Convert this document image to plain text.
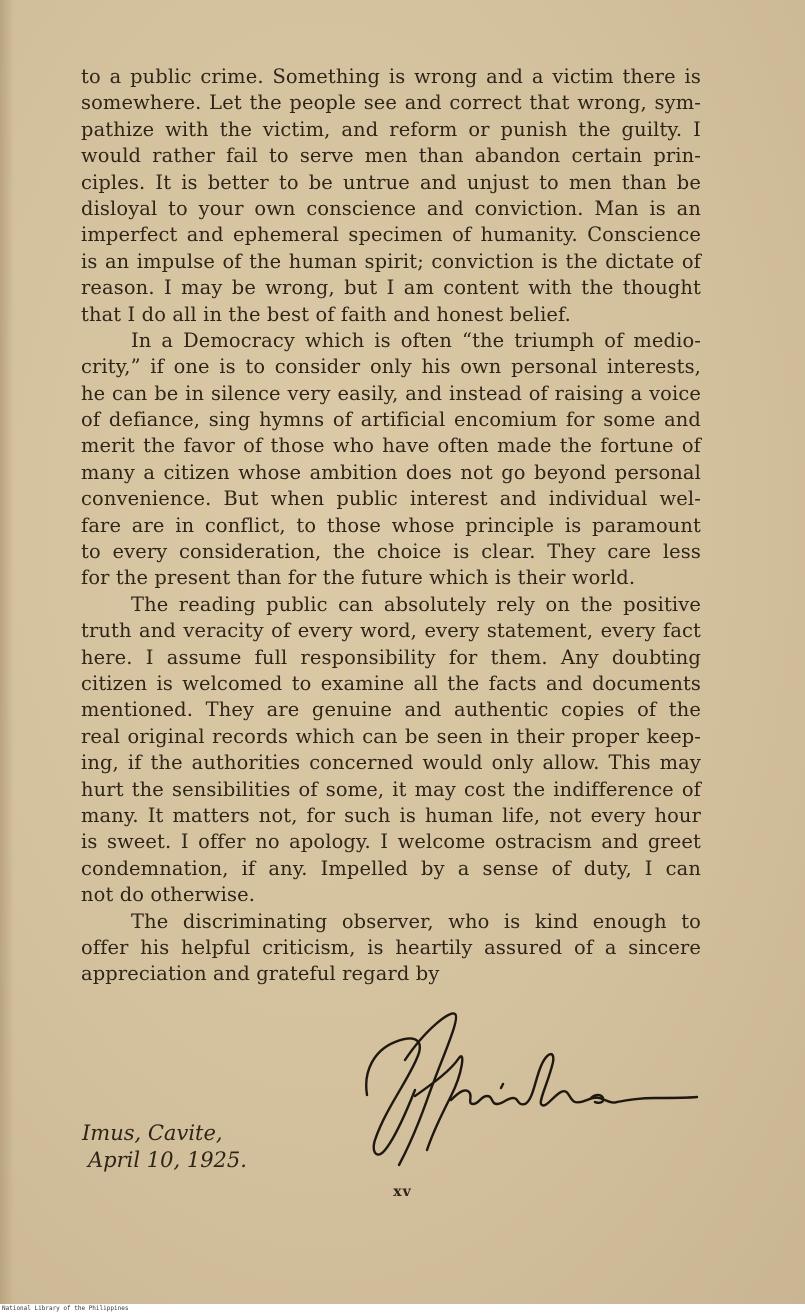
to a public crime. Something is wrong and a victim there is
somewhere. Let the people see and correct that wrong, sym-
pathize with the victim, and reform or punish the guilty. I
would rather fail to serve men than abandon certain prin-
ciples. It is better to be untrue and unjust to men than be
disloyal to your own conscience and conviction. Man is an
imperfect and ephemeral specimen of humanity. Conscience
is an impulse of the human spirit; conviction is the dictate of
reason. I may be wrong, but I am content with the thought
that I do all in the best of faith and honest belief.
In a Democracy which is often “the triumph of medio-
crity,” if one is to consider only his own personal interests,
he can be in silence very easily, and instead of raising a voice
of defiance, sing hymns of artificial encomium for some and
merit the favor of those who have often made the fortune of
many a citizen whose ambition does not go beyond personal
convenience. But when public interest and individual wel-
fare are in conflict, to those whose principle is paramount
to every consideration, the choice is clear. They care less
for the present than for the future which is their world.
The reading public can absolutely rely on the positive
truth and veracity of every word, every statement, every fact
here. I assume full responsibility for them. Any doubting
citizen is welcomed to examine all the facts and documents
mentioned. They are genuine and authentic copies of the
real original records which can be seen in their proper keep-
ing, if the authorities concerned would only allow. This may
hurt the sensibilities of some, it may cost the indifference of
many. It matters not, for such is human life, not every hour
is sweet. I offer no apology. I welcome ostracism and greet
condemnation, if any. Impelled by a sense of duty, I can
not do otherwise.
The discriminating observer, who is kind enough to
offer his helpful criticism, is heartily assured of a sincere
appreciation and grateful regard by
Imus, Cavite,
April 10, 1925.
xv
National Library of the Philippines
